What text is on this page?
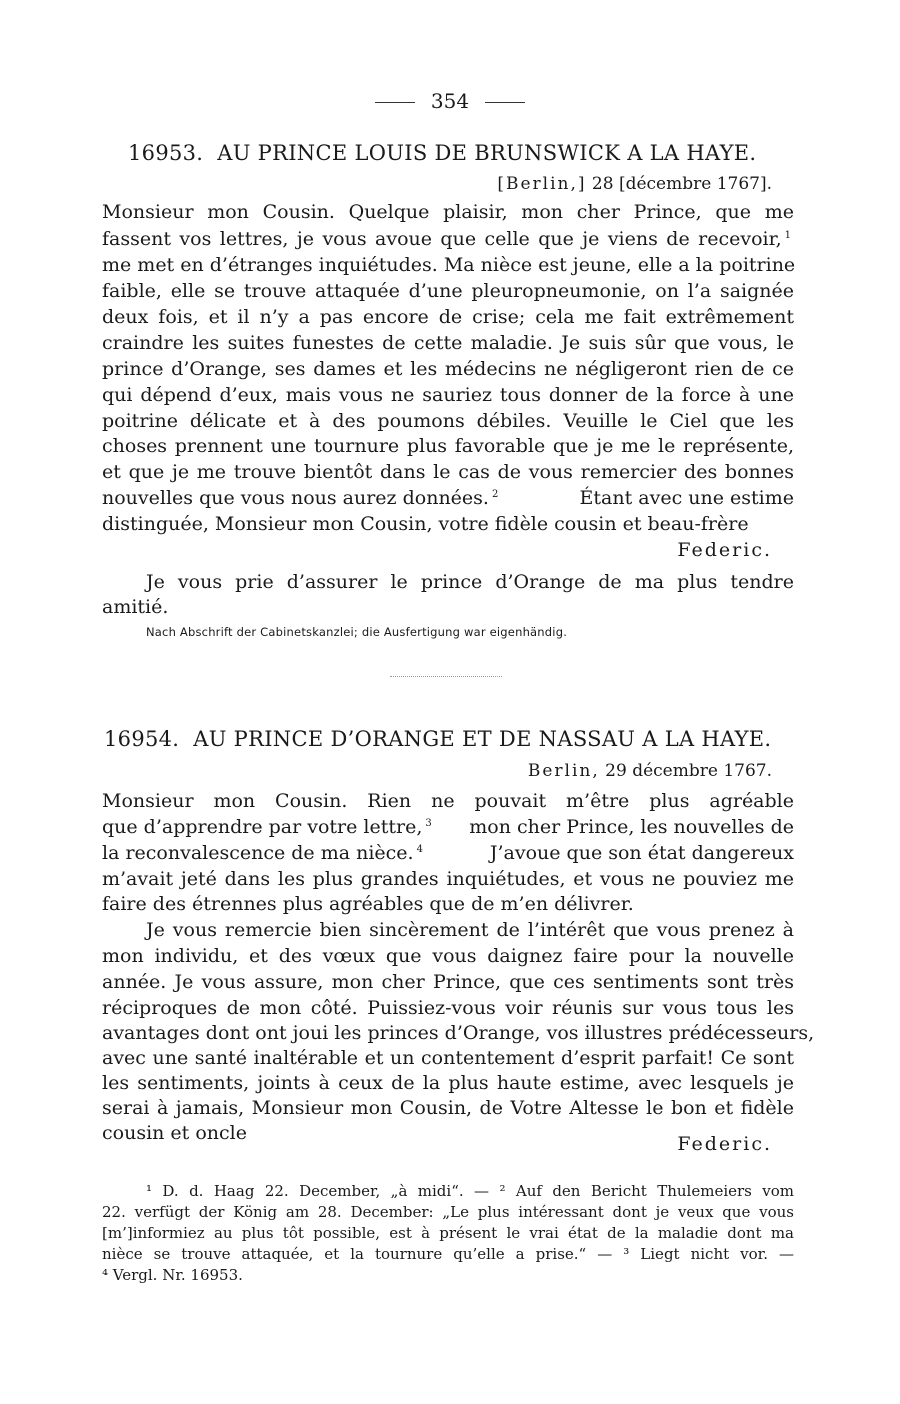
354
16953. AU PRINCE LOUIS DE BRUNSWICK A LA HAYE.
[Berlin,] 28 [décembre 1767].
Monsieur mon Cousin. Quelque plaisir, mon cher Prince, que me
fassent vos lettres, je vous avoue que celle que je viens de recevoir, $^1$
me met en d’étranges inquiétudes. Ma nièce est jeune, elle a la poitrine
faible, elle se trouve attaquée d’une pleuropneumonie, on l’a saignée
deux fois, et il n’y a pas encore de crise; cela me fait extrêmement
craindre les suites funestes de cette maladie. Je suis sûr que vous, le
prince d’Orange, ses dames et les médecins ne négligeront rien de ce
qui dépend d’eux, mais vous ne sauriez tous donner de la force à une
poitrine délicate et à des poumons débiles. Veuille le Ciel que les
choses prennent une tournure plus favorable que je me le représente,
et que je me trouve bientôt dans le cas de vous remercier des bonnes
nouvelles que vous nous aurez données. $^2$	Étant avec une estime
distinguée, Monsieur mon Cousin, votre fidèle cousin et beau-frère
Federic.
Je vous prie d’assurer le prince d’Orange de ma plus tendre
amitié.
Nach Abschrift der Cabinetskanzlei; die Ausfertigung war eigenhändig.
16954. AU PRINCE D’ORANGE ET DE NASSAU A LA HAYE.
Berlin, 29 décembre 1767.
Monsieur mon Cousin. Rien ne pouvait m’être plus agréable
que d’apprendre par votre lettre, $^3$ mon cher Prince, les nouvelles de
la reconvalescence de ma nièce. $^4$	J’avoue que son état dangereux
m’avait jeté dans les plus grandes inquiétudes, et vous ne pouviez me
faire des étrennes plus agréables que de m’en délivrer.
Je vous remercie bien sincèrement de l’intérêt que vous prenez à
mon individu, et des vœux que vous daignez faire pour la nouvelle
année. Je vous assure, mon cher Prince, que ces sentiments sont très
réciproques de mon côté. Puissiez-vous voir réunis sur vous tous les
avantages dont ont joui les princes d’Orange, vos illustres prédécesseurs,
avec une santé inaltérable et un contentement d’esprit parfait! Ce sont
les sentiments, joints à ceux de la plus haute estime, avec lesquels je
serai à jamais, Monsieur mon Cousin, de Votre Altesse le bon et fidèle
cousin et oncle	Federic.
¹ D. d. Haag 22. December, „à midi“. — ² Auf den Bericht Thulemeiers vom
22. verfügt der König am 28. December: „Le plus intéressant dont je veux que vous
[m’]informiez au plus tôt possible, est à présent le vrai état de la maladie dont ma
nièce se trouve attaquée, et la tournure qu’elle a prise.“ — ³ Liegt nicht vor. —
⁴ Vergl. Nr. 16953.
